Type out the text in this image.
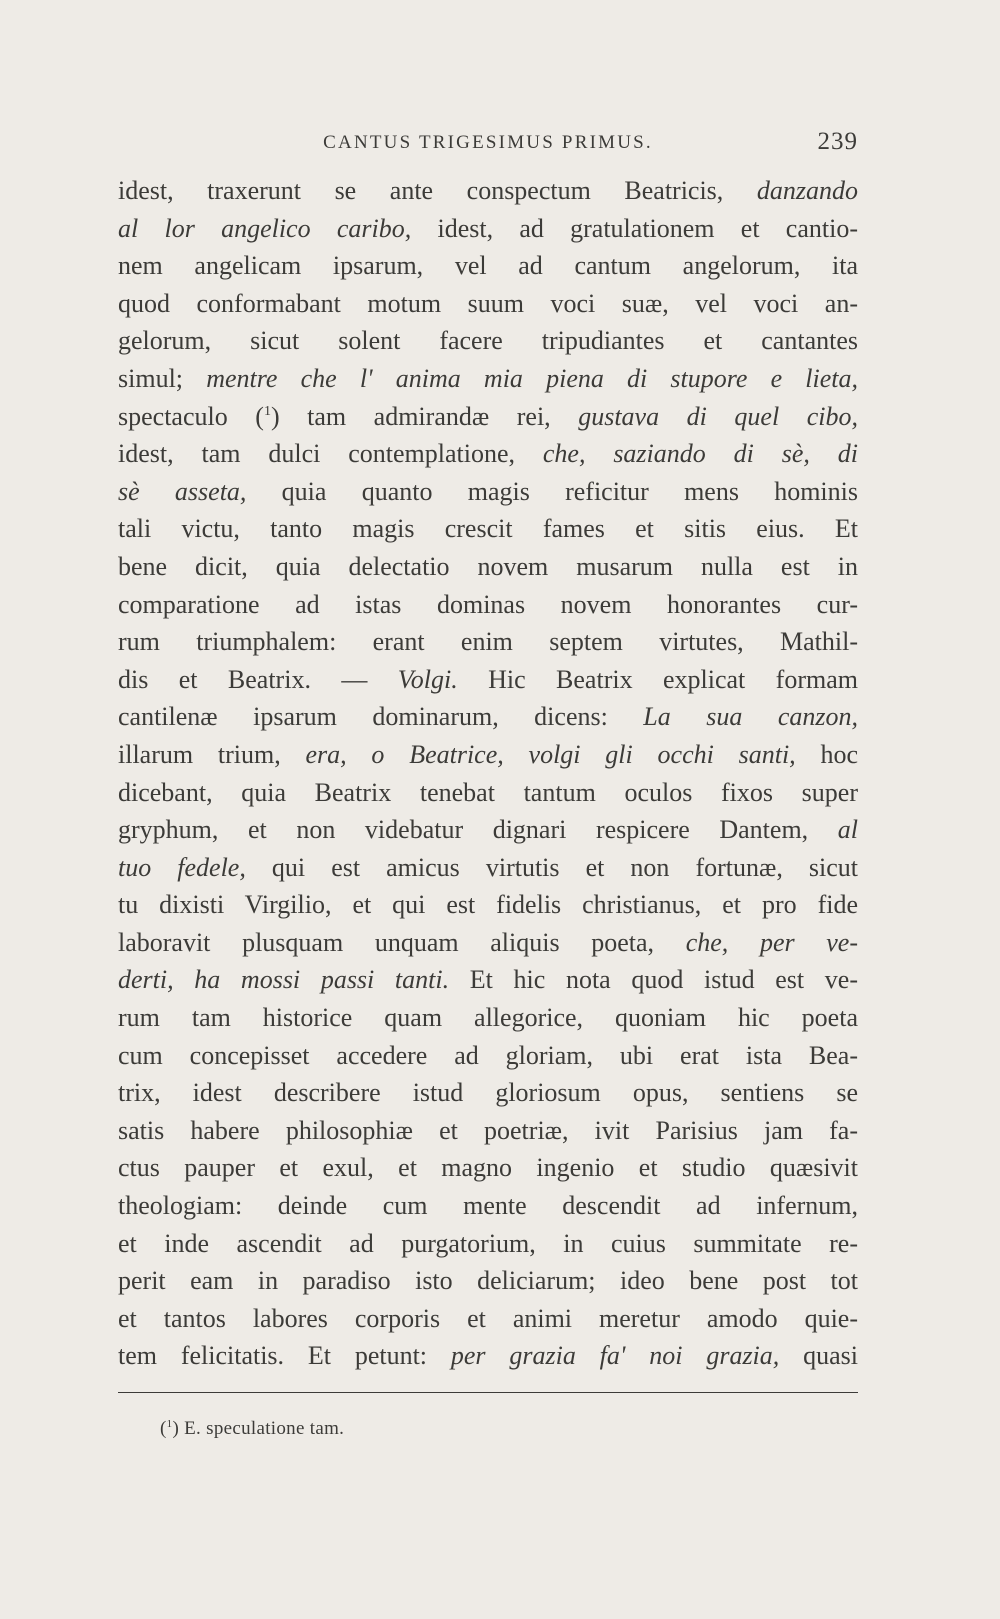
CANTUS TRIGESIMUS PRIMUS.	239
idest, traxerunt se ante conspectum Beatricis, danzando
al lor angelico caribo, idest, ad gratulationem et cantio-
nem angelicam ipsarum, vel ad cantum angelorum, ita
quod conformabant motum suum voci suæ, vel voci an-
gelorum, sicut solent facere tripudiantes et cantantes
simul; mentre che l' anima mia piena di stupore e lieta,
spectaculo ($^1$) tam admirandæ rei, gustava di quel cibo,
idest, tam dulci contemplatione, che, saziando di sè, di
sè asseta, quia quanto magis reficitur mens hominis
tali victu, tanto magis crescit fames et sitis eius. Et
bene dicit, quia delectatio novem musarum nulla est in
comparatione ad istas dominas novem honorantes cur-
rum triumphalem: erant enim septem virtutes, Mathil-
dis et Beatrix. — Volgi. Hic Beatrix explicat formam
cantilenæ ipsarum dominarum, dicens: La sua canzon,
illarum trium, era, o Beatrice, volgi gli occhi santi, hoc
dicebant, quia Beatrix tenebat tantum oculos fixos super
gryphum, et non videbatur dignari respicere Dantem, al
tuo fedele, qui est amicus virtutis et non fortunæ, sicut
tu dixisti Virgilio, et qui est fidelis christianus, et pro fide
laboravit plusquam unquam aliquis poeta, che, per ve-
derti, ha mossi passi tanti. Et hic nota quod istud est ve-
rum tam historice quam allegorice, quoniam hic poeta
cum concepisset accedere ad gloriam, ubi erat ista Bea-
trix, idest describere istud gloriosum opus, sentiens se
satis habere philosophiæ et poetriæ, ivit Parisius jam fa-
ctus pauper et exul, et magno ingenio et studio quæsivit
theologiam: deinde cum mente descendit ad infernum,
et inde ascendit ad purgatorium, in cuius summitate re-
perit eam in paradiso isto deliciarum; ideo bene post tot
et tantos labores corporis et animi meretur amodo quie-
tem felicitatis. Et petunt: per grazia fa' noi grazia, quasi
($^1$) E. speculatione tam.
